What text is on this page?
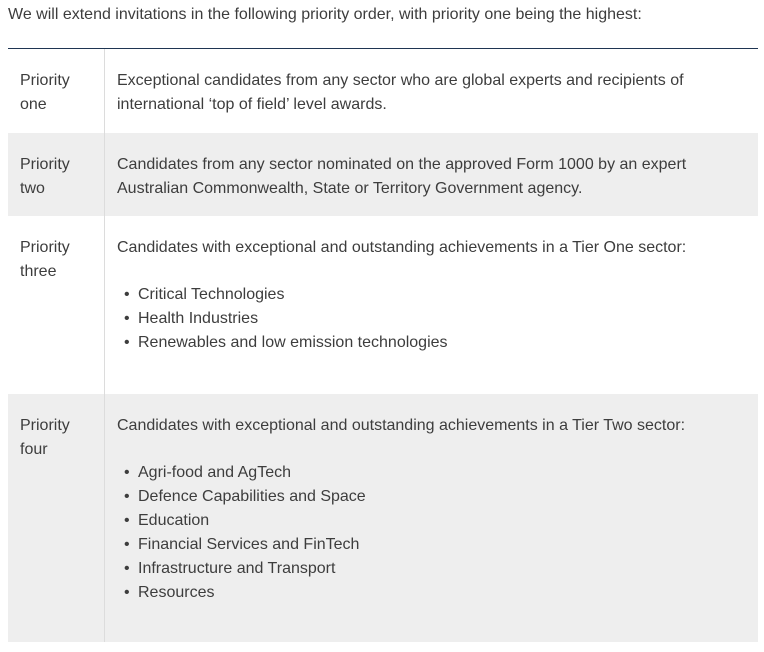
We will extend invitations in the following priority order, with priority one being the highest:
Priority one

Exceptional candidates from any sector who are global experts and recipients of international ‘top of field’ level awards.

Priority two

Candidates from any sector nominated on the approved Form 1000 by an expert Australian Commonwealth, State or Territory Government agency.

Priority three

Candidates with exceptional and outstanding achievements in a Tier One sector:

• Critical Technologies
• Health Industries
• Renewables and low emission technologies
Priority four

Candidates with exceptional and outstanding achievements in a Tier Two sector:

• Agri-food and AgTech
• Defence Capabilities and Space
• Education
• Financial Services and FinTech
• Infrastructure and Transport
• Resources
